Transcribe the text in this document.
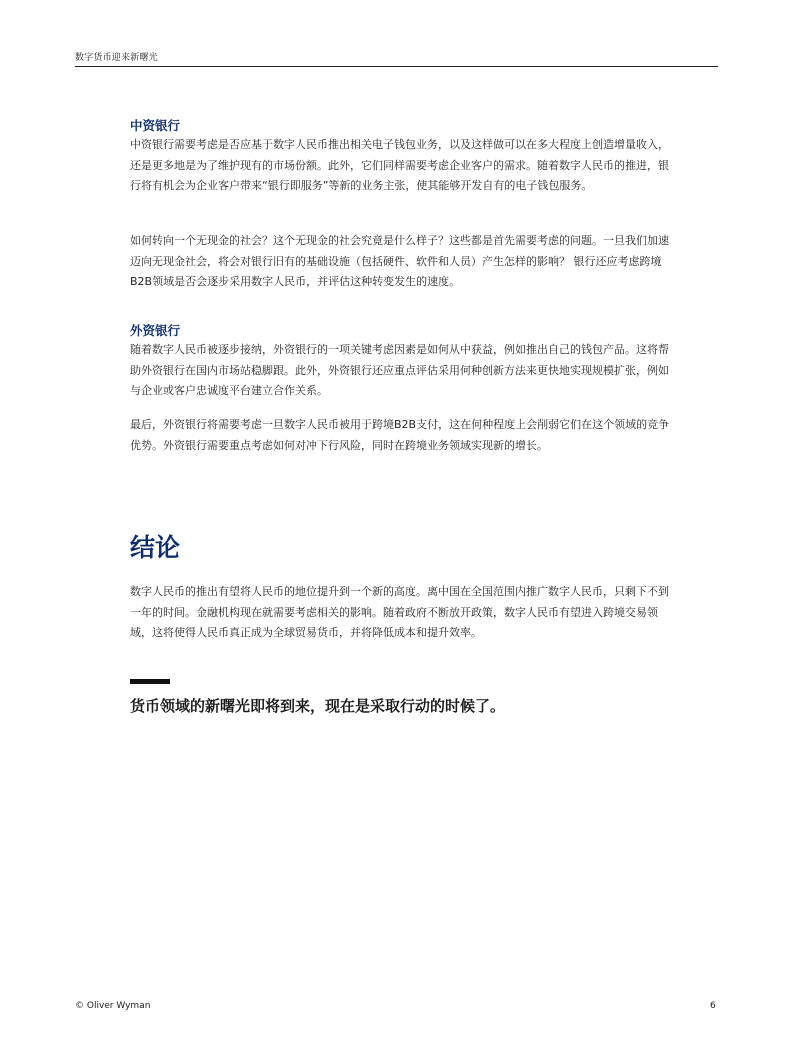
数字货币迎来新曙光
中资银行

中资银行需要考虑是否应基于数字人民币推出相关电子钱包业务，以及这样做可以在多大程度上创造增量收入，还是更多地是为了维护现有的市场份额。此外，它们同样需要考虑企业客户的需求。随着数字人民币的推进，银行将有机会为企业客户带来“银行即服务”等新的业务主张，使其能够开发自有的电子钱包服务。

如何转向一个无现金的社会？这个无现金的社会究竟是什么样子？这些都是首先需要考虑的问题。一旦我们加速迈向无现金社会，将会对银行旧有的基础设施（包括硬件、软件和人员）产生怎样的影响？ 银行还应考虑跨境B2B领域是否会逐步采用数字人民币，并评估这种转变发生的速度。

外资银行

随着数字人民币被逐步接纳，外资银行的一项关键考虑因素是如何从中获益，例如推出自己的钱包产品。这将帮助外资银行在国内市场站稳脚跟。此外，外资银行还应重点评估采用何种创新方法来更快地实现规模扩张，例如与企业或客户忠诚度平台建立合作关系。

最后，外资银行将需要考虑一旦数字人民币被用于跨境B2B支付，这在何种程度上会削弱它们在这个领域的竞争优势。外资银行需要重点考虑如何对冲下行风险，同时在跨境业务领域实现新的增长。

结论

数字人民币的推出有望将人民币的地位提升到一个新的高度。离中国在全国范围内推广数字人民币，只剩下不到一年的时间。金融机构现在就需要考虑相关的影响。随着政府不断放开政策，数字人民币有望进入跨境交易领域，这将使得人民币真正成为全球贸易货币，并将降低成本和提升效率。

货币领域的新曙光即将到来，现在是采取行动的时候了。
© Oliver Wyman	6
